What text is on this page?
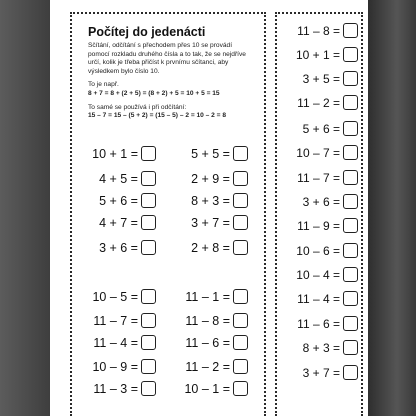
Počítej do jedenácti

Sčítání, odčítání s přechodem přes 10 se provádí

pomocí rozkladu druhého čísla a to tak, že se nejdříve

určí, kolik je třeba přičíst k prvnímu sčítanci, aby

výsledkem bylo číslo 10.

To je např.

8 + 7 = 8 + (2 + 5) = (8 + 2) + 5 = 10 + 5 = 15

To samé se používá i při odčítání:

15 – 7 = 15 – (5 + 2) = (15 – 5) – 2 = 10 – 2 = 8

10 + 1 =
4 + 5 =
5 + 6 =
4 + 7 =
3 + 6 =
5 + 5 =
2 + 9 =
8 + 3 =
3 + 7 =
2 + 8 =
10 – 5 =
11 – 7 =
11 – 4 =
10 – 9 =
11 – 3 =
11 – 1 =
11 – 8 =
11 – 6 =
11 – 2 =
10 – 1 =
11 – 8 =
10 + 1 =
3 + 5 =
11 – 2 =
5 + 6 =
10 – 7 =
11 – 7 =
3 + 6 =
11 – 9 =
10 – 6 =
10 – 4 =
11 – 4 =
11 – 6 =
8 + 3 =
3 + 7 =
